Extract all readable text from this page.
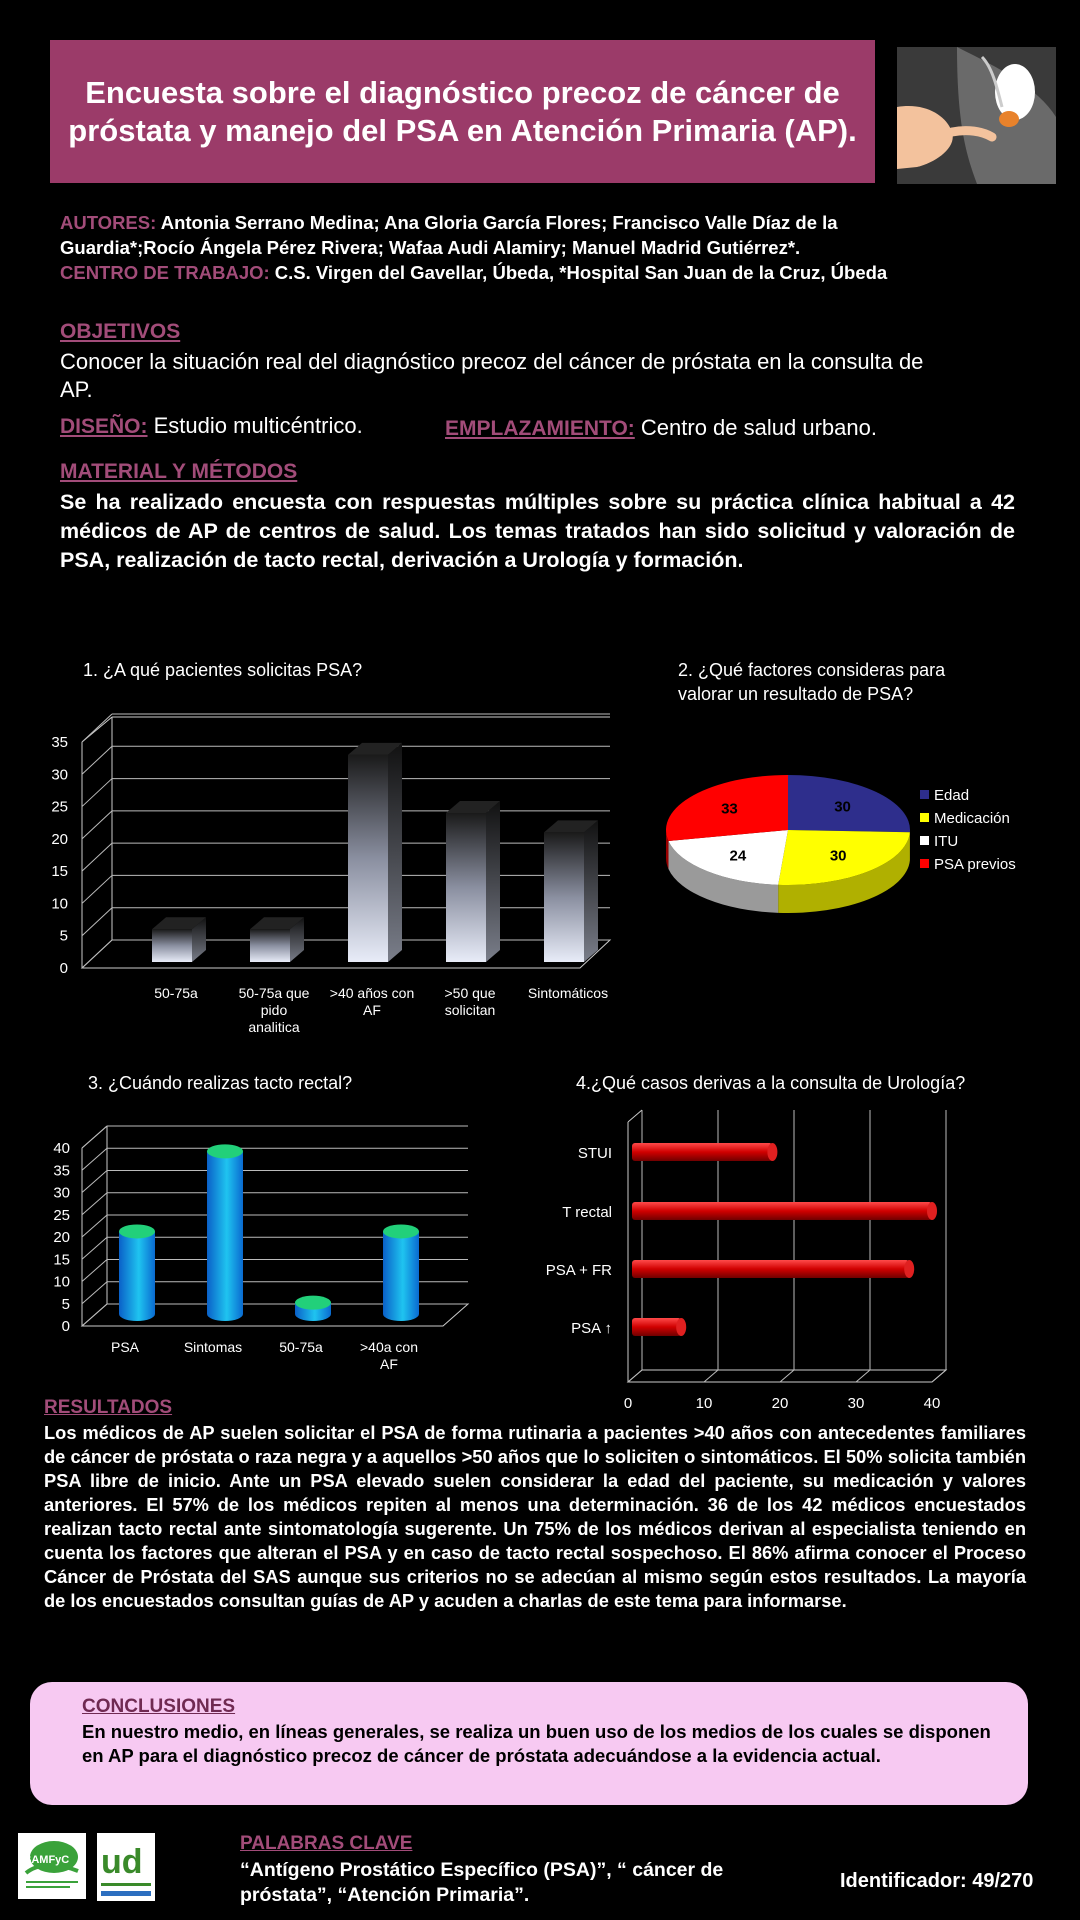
Encuesta sobre el diagnóstico precoz de cáncer de próstata y manejo del PSA en Atención Primaria (AP).
AUTORES: Antonia Serrano Medina; Ana Gloria García Flores; Francisco Valle Díaz de la Guardia*;Rocío Ángela Pérez Rivera; Wafaa Audi Alamiry; Manuel Madrid Gutiérrez*.
CENTRO DE TRABAJO: C.S. Virgen del Gavellar, Úbeda, *Hospital San Juan de la Cruz, Úbeda
OBJETIVOS
Conocer la situación real del diagnóstico precoz del cáncer de próstata en la consulta de AP.
DISEÑO: Estudio multicéntrico.	EMPLAZAMIENTO: Centro de salud urbano.
MATERIAL Y MÉTODOS
Se ha realizado encuesta con respuestas múltiples sobre su práctica clínica habitual a 42 médicos de AP de centros de salud. Los temas tratados han sido solicitud y valoración de PSA, realización de tacto rectal, derivación a Urología y formación.
1. ¿A qué pacientes solicitas PSA?
0
5
10
15
20
25
30
35
50-75a	50-75a que pido analitica
>40 años con AF
>50 que solicitan
Sintomáticos
2. ¿Qué factores consideras para valorar un resultado de PSA?
30
30
24
33
Edad
Medicación
ITU
PSA previos
3. ¿Cuándo realizas tacto rectal?
0
5
10
15
20
25
30
35
40
PSA	Sintomas	50-75a	>40a con AF
4.¿Qué casos derivas a la consulta de Urología?
STUI
T rectal
PSA + FR
PSA ↑
0	10	20	30	40
RESULTADOS
Los médicos de AP suelen solicitar el PSA de forma rutinaria a pacientes >40 años con antecedentes familiares de cáncer de próstata o raza negra y a aquellos >50 años que lo soliciten o sintomáticos. El 50% solicita también PSA libre de inicio. Ante un PSA elevado suelen considerar la edad del paciente, su medicación y valores anteriores. El 57% de los médicos repiten al menos una determinación. 36 de los 42 médicos encuestados realizan tacto rectal ante sintomatología sugerente. Un 75% de los médicos derivan al especialista teniendo en cuenta los factores que alteran el PSA y en caso de tacto rectal sospechoso. El 86% afirma conocer el Proceso Cáncer de Próstata del SAS aunque sus criterios no se adecúan al mismo según estos resultados. La mayoría de los encuestados consultan guías de AP y acuden a charlas de este tema para informarse.
CONCLUSIONES
En nuestro medio, en líneas generales, se realiza un buen uso de los medios de los cuales se disponen en AP para el diagnóstico precoz de cáncer de próstata adecuándose a la evidencia actual.
SAMFyC ud	PALABRAS CLAVE
“Antígeno Prostático Específico (PSA)”, “ cáncer de próstata”, “Atención Primaria”.
Identificador: 49/270
